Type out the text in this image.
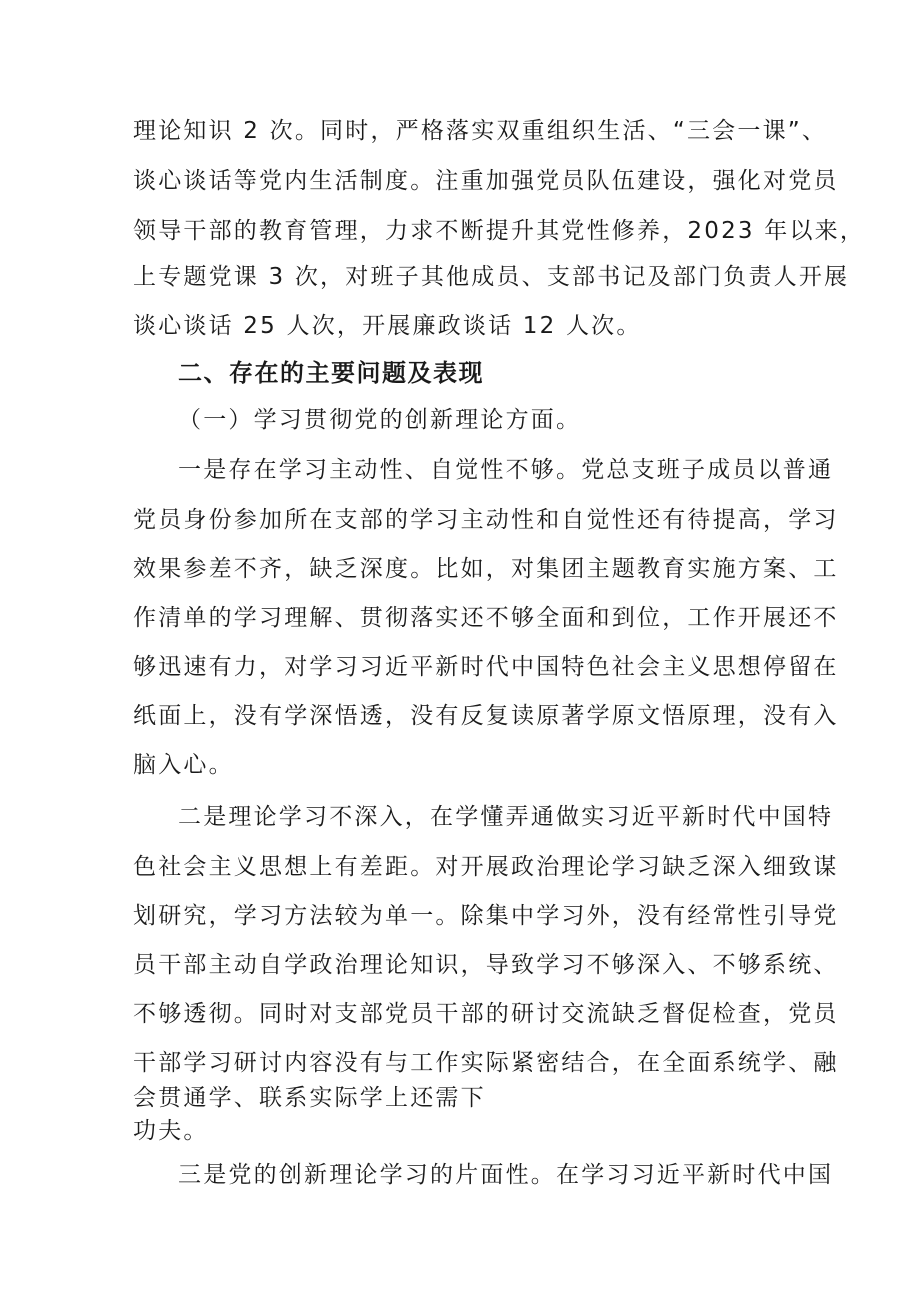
理论知识 2 次。同时，严格落实双重组织生活、“三会一课”、
谈心谈话等党内生活制度。注重加强党员队伍建设，强化对党员
领导干部的教育管理，力求不断提升其党性修养，2023 年以来，
上专题党课 3 次，对班子其他成员、支部书记及部门负责人开展
谈心谈话 25 人次，开展廉政谈话 12 人次。
二、存在的主要问题及表现
（一）学习贯彻党的创新理论方面。
一是存在学习主动性、自觉性不够。党总支班子成员以普通
党员身份参加所在支部的学习主动性和自觉性还有待提高，学习
效果参差不齐，缺乏深度。比如，对集团主题教育实施方案、工
作清单的学习理解、贯彻落实还不够全面和到位，工作开展还不
够迅速有力，对学习习近平新时代中国特色社会主义思想停留在
纸面上，没有学深悟透，没有反复读原著学原文悟原理，没有入
脑入心。
二是理论学习不深入，在学懂弄通做实习近平新时代中国特
色社会主义思想上有差距。对开展政治理论学习缺乏深入细致谋
划研究，学习方法较为单一。除集中学习外，没有经常性引导党
员干部主动自学政治理论知识，导致学习不够深入、不够系统、
不够透彻。同时对支部党员干部的研讨交流缺乏督促检查，党员
干部学习研讨内容没有与工作实际紧密结合，在全面系统学、融
会贯通学、联系实际学上还需下
功夫。
三是党的创新理论学习的片面性。在学习习近平新时代中国
